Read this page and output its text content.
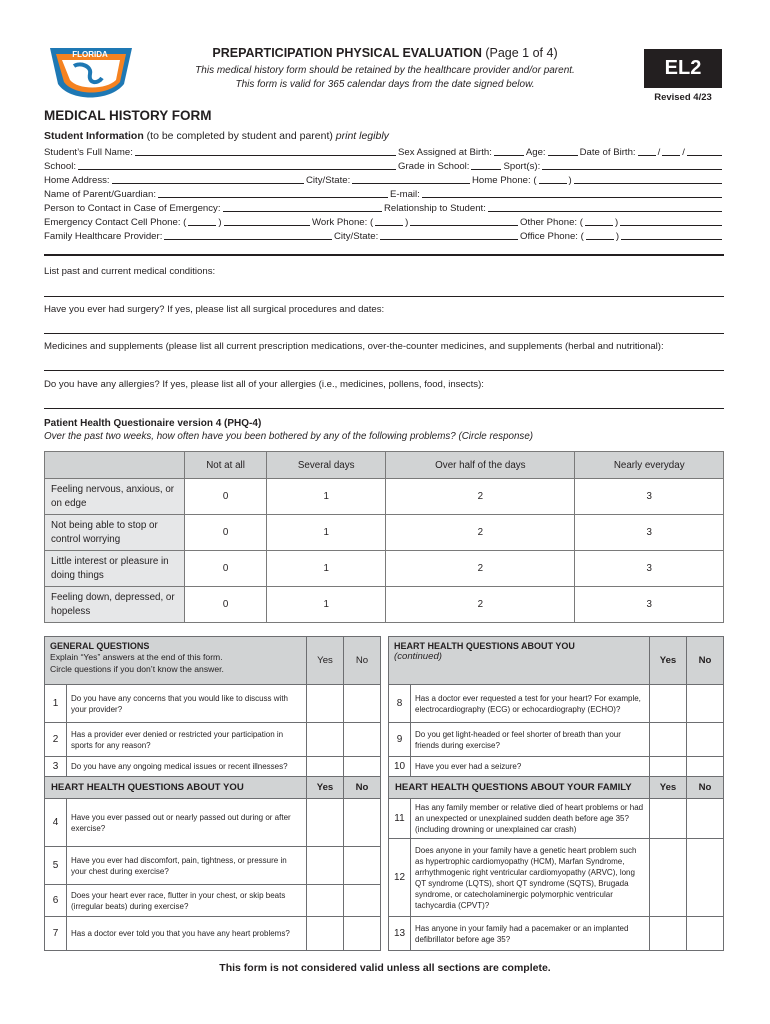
FLORIDA	PREPARTICIPATION PHYSICAL EVALUATION (Page 1 of 4)
This medical history form should be retained by the healthcare provider and/or parent.
This form is valid for 365 calendar days from the date signed below.
EL2
Revised 4/23
MEDICAL HISTORY FORM
Student Information (to be completed by student and parent) print legibly
Student’s Full Name:	Sex Assigned at Birth:	Age:	Date of Birth: / /
School:	Grade in School:	Sport(s):
Home Address:	City/State:	Home Phone: (	)
Name of Parent/Guardian:	E-mail:
Person to Contact in Case of Emergency:	Relationship to Student:
Emergency Contact Cell Phone: (	)	Work Phone: (	)	Other Phone: (	)
Family Healthcare Provider:	City/State:	Office Phone: (	)
List past and current medical conditions:
Have you ever had surgery? If yes, please list all surgical procedures and dates:
Medicines and supplements (please list all current prescription medications, over-the-counter medicines, and supplements (herbal and nutritional):
Do you have any allergies? If yes, please list all of your allergies (i.e., medicines, pollens, food, insects):
Patient Health Questionaire version 4 (PHQ-4)
Over the past two weeks, how often have you been bothered by any of the following problems? (Circle response)
	Not at all	Several days	Over half of the days	Nearly everyday
Feeling nervous, anxious, or on edge	0	1	2	3
Not being able to stop or control worrying	0	1	2	3
Little interest or pleasure in doing things	0	1	2	3
Feeling down, depressed, or hopeless	0	1	2	3
GENERAL QUESTIONS
Explain “Yes” answers at the end of this form.
Circle questions if you don’t know the answer.		Yes	No
1	Do you have any concerns that you would like to discuss with your provider?		
2	Has a provider ever denied or restricted your participation in sports for any reason?		
3	Do you have any ongoing medical issues or recent illnesses?		
HEART HEALTH QUESTIONS ABOUT YOU		Yes	No
4	Have you ever passed out or nearly passed out during or after exercise?		
5	Have you ever had discomfort, pain, tightness, or pressure in your chest during exercise?		
6	Does your heart ever race, flutter in your chest, or skip beats (irregular beats) during exercise?		
7	Has a doctor ever told you that you have any heart problems?		
HEART HEALTH QUESTIONS ABOUT YOU
(continued)		Yes	No
8	Has a doctor ever requested a test for your heart? For example, electrocardiography (ECG) or echocardiography (ECHO)?		
9	Do you get light-headed or feel shorter of breath than your friends during exercise?		
10	Have you ever had a seizure?		
HEART HEALTH QUESTIONS ABOUT YOUR FAMILY		Yes	No
11	Has any family member or relative died of heart problems or had an unexpected or unexplained sudden death before age 35? (including drowning or unexplained car crash)		
12	Does anyone in your family have a genetic heart problem such as hypertrophic cardiomyopathy (HCM), Marfan Syndrome, arrhythmogenic right ventricular cardiomyopathy (ARVC), long QT syndrome (LQTS), short QT syndrome (SQTS), Brugada syndrome, or catecholaminergic polymorphic ventricular tachycardia (CPVT)?		
13	Has anyone in your family had a pacemaker or an implanted defibrillator before age 35?		
This form is not considered valid unless all sections are complete.
